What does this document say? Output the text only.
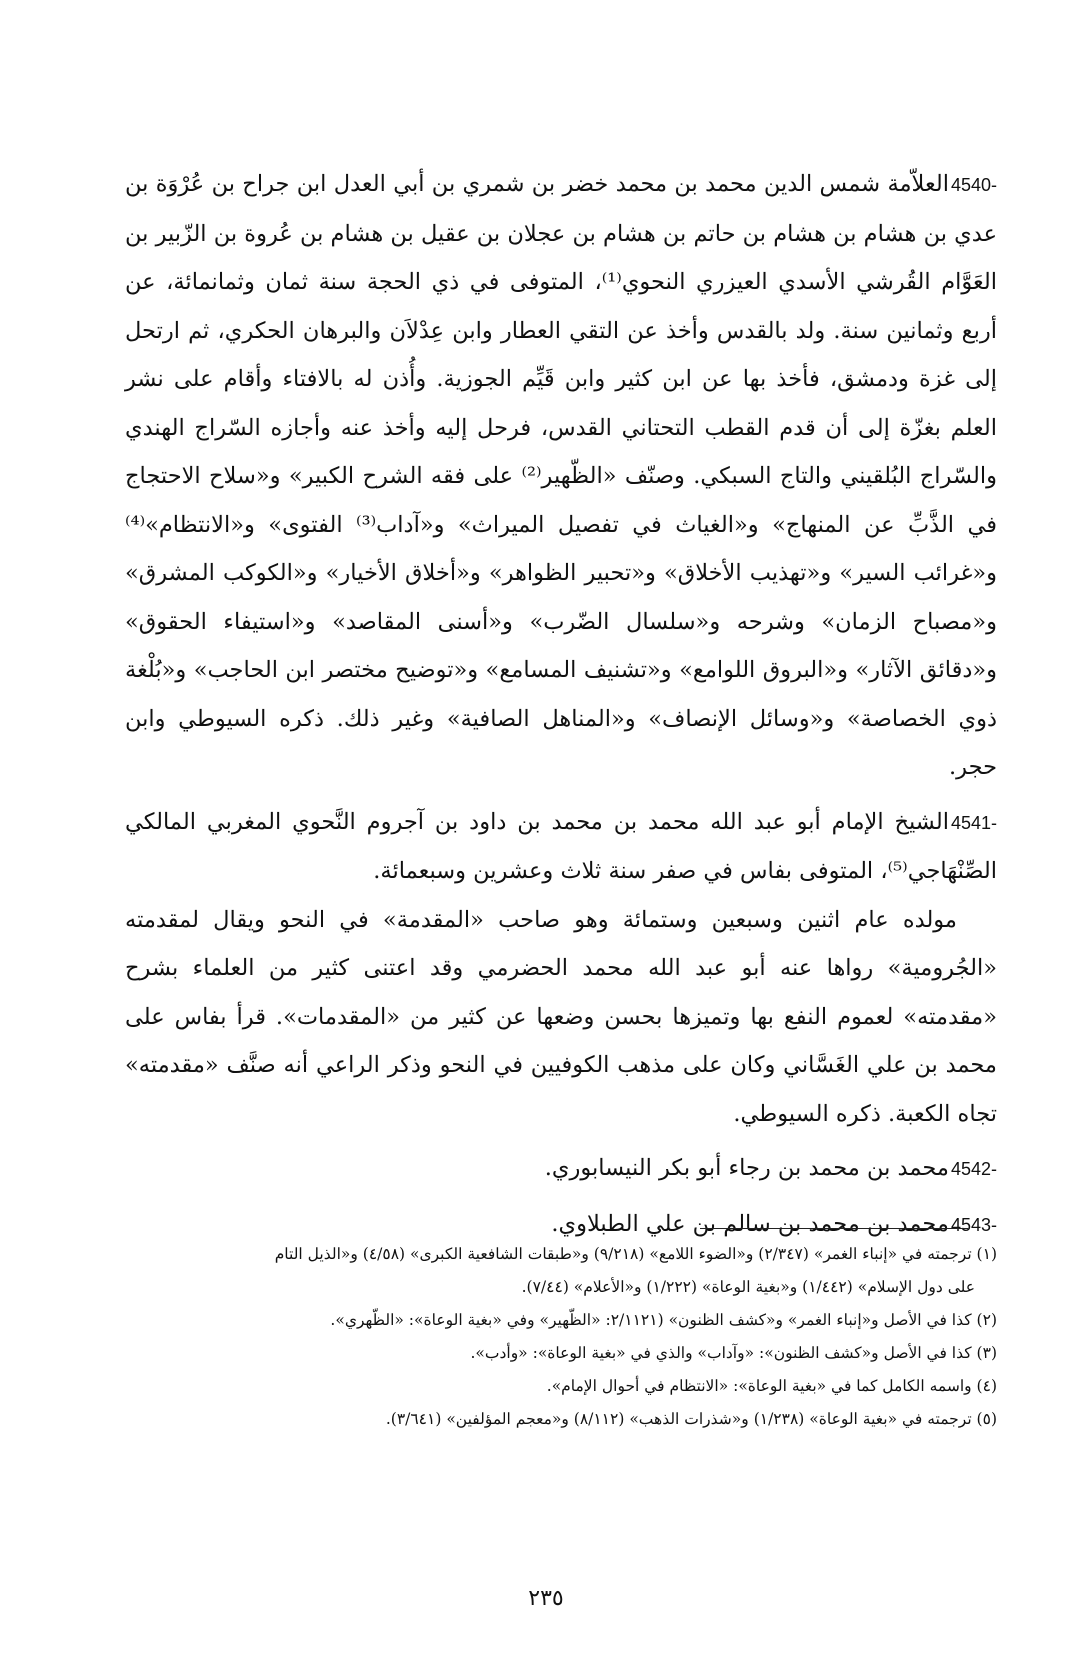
4540-العلاّمة شمس الدين محمد بن محمد خضر بن شمري بن أبي العدل ابن جراح بن عُرْوَة بن عدي بن هشام بن هشام بن حاتم بن هشام بن عجلان بن عقيل بن هشام بن عُروة بن الزّبير بن العَوَّام القُرشي الأسدي العيزري النحوي⁽¹⁾، المتوفى في ذي الحجة سنة ثمان وثمانمائة، عن أربع وثمانين سنة. ولد بالقدس وأخذ عن التقي العطار وابن عِدْلاَن والبرهان الحكري، ثم ارتحل إلى غزة ودمشق، فأخذ بها عن ابن كثير وابن قَيِّم الجوزية. وأُذن له بالافتاء وأقام على نشر العلم بغزّة إلى أن قدم القطب التحتاني القدس، فرحل إليه وأخذ عنه وأجازه السّراج الهندي والسّراج البُلقيني والتاج السبكي. وصنّف «الظّهير⁽²⁾ على فقه الشرح الكبير» و«سلاح الاحتجاج في الذَّبِّ عن المنهاج» و«الغياث في تفصيل الميراث» و«آداب⁽³⁾ الفتوى» و«الانتظام»⁽⁴⁾ و«غرائب السير» و«تهذيب الأخلاق» و«تحبير الظواهر» و«أخلاق الأخيار» و«الكوكب المشرق» و«مصباح الزمان» وشرحه و«سلسال الضّرب» و«أسنى المقاصد» و«استيفاء الحقوق» و«دقائق الآثار» و«البروق اللوامع» و«تشنيف المسامع» و«توضيح مختصر ابن الحاجب» و«بُلْغة ذوي الخصاصة» و«وسائل الإنصاف» و«المناهل الصافية» وغير ذلك. ذكره السيوطي وابن حجر.

4541-الشيخ الإمام أبو عبد الله محمد بن محمد بن داود بن آجروم النَّحوي المغربي المالكي الصِّنْهَاجي⁽⁵⁾، المتوفى بفاس في صفر سنة ثلاث وعشرين وسبعمائة.
مولده عام اثنين وسبعين وستمائة وهو صاحب «المقدمة» في النحو ويقال لمقدمته «الجُرومية» رواها عنه أبو عبد الله محمد الحضرمي وقد اعتنى كثير من العلماء بشرح «مقدمته» لعموم النفع بها وتميزها بحسن وضعها عن كثير من «المقدمات». قرأ بفاس على محمد بن علي الغَسَّاني وكان على مذهب الكوفيين في النحو وذكر الراعي أنه صنَّف «مقدمته» تجاه الكعبة. ذكره السيوطي.

4542-محمد بن محمد بن رجاء أبو بكر النيسابوري.

4543-محمد بن محمد بن سالم بن علي الطبلاوي.

(١) ترجمته في «إنباء الغمر» (٢/٣٤٧) و«الضوء اللامع» (٩/٢١٨) و«طبقات الشافعية الكبرى» (٤/٥٨) و«الذيل التام
على دول الإسلام» (١/٤٤٢) و«بغية الوعاة» (١/٢٢٢) و«الأعلام» (٧/٤٤).

(٢) كذا في الأصل و«إنباء الغمر» و«كشف الظنون» (٢/١١٢١: «الظّهير» وفي «بغية الوعاة»: «الظّهري».

(٣) كذا في الأصل و«كشف الظنون»: «وآداب» والذي في «بغية الوعاة»: «وأدب».

(٤) واسمه الكامل كما في «بغية الوعاة»: «الانتظام في أحوال الإمام».

(٥) ترجمته في «بغية الوعاة» (١/٢٣٨) و«شذرات الذهب» (٨/١١٢) و«معجم المؤلفين» (٣/٦٤١).

٢٣٥
